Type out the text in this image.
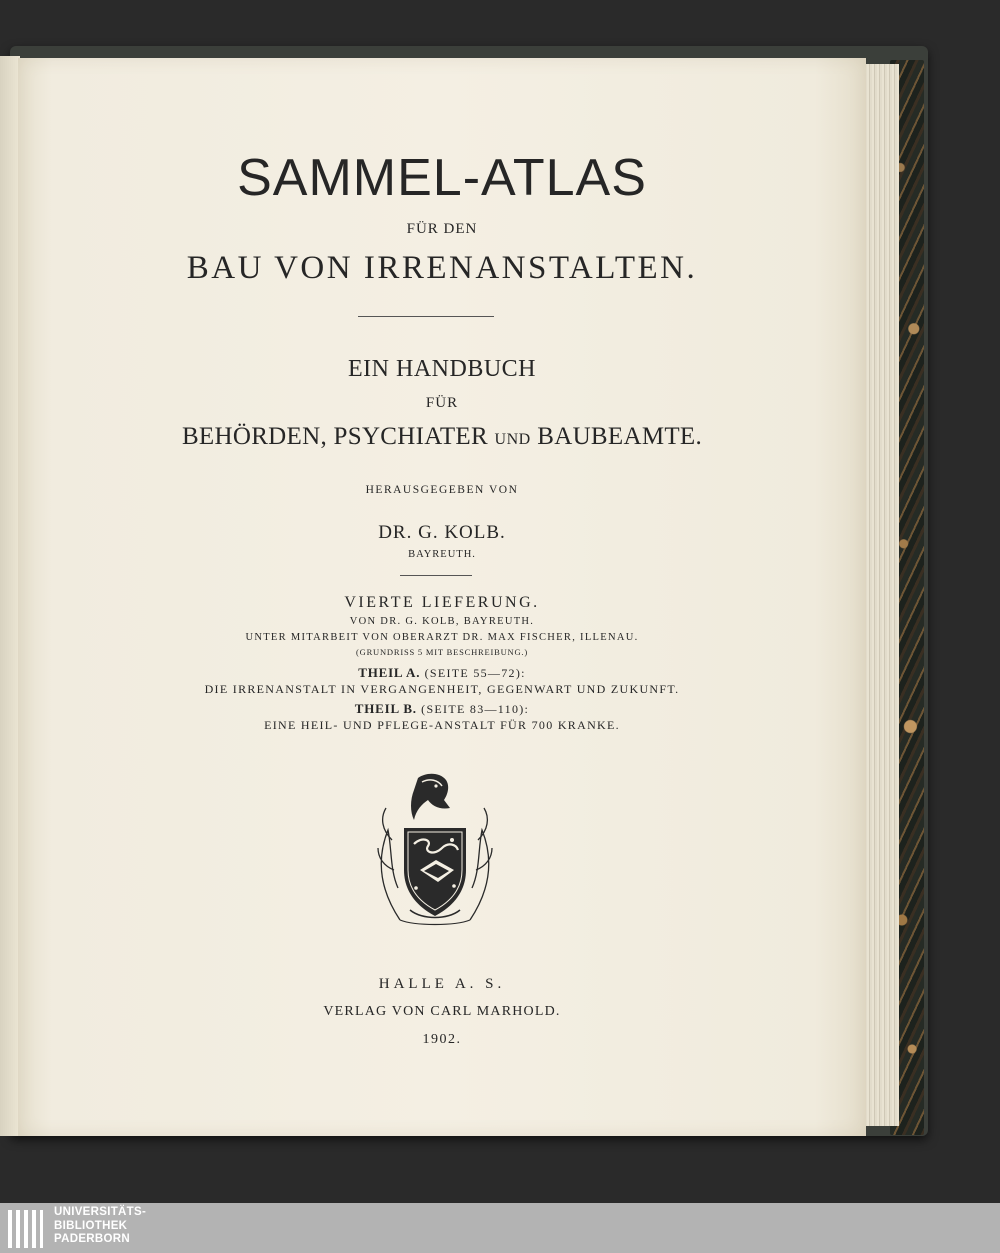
SAMMEL-ATLAS
FÜR DEN
BAU VON IRRENANSTALTEN.
EIN HANDBUCH
FÜR
BEHÖRDEN, PSYCHIATER UND BAUBEAMTE.
HERAUSGEGEBEN VON
DR. G. KOLB.
BAYREUTH.
VIERTE LIEFERUNG.
VON DR. G. KOLB, BAYREUTH.
UNTER MITARBEIT VON OBERARZT DR. MAX FISCHER, ILLENAU.
(GRUNDRISS 5 MIT BESCHREIBUNG.)
THEIL A. (SEITE 55—72):
DIE IRRENANSTALT IN VERGANGENHEIT, GEGENWART UND ZUKUNFT.
THEIL B. (SEITE 83—110):
EINE HEIL- UND PFLEGE-ANSTALT FÜR 700 KRANKE.
HALLE A. S.
VERLAG VON CARL MARHOLD.
1902.
UNIVERSITÄTS-
BIBLIOTHEK
PADERBORN
